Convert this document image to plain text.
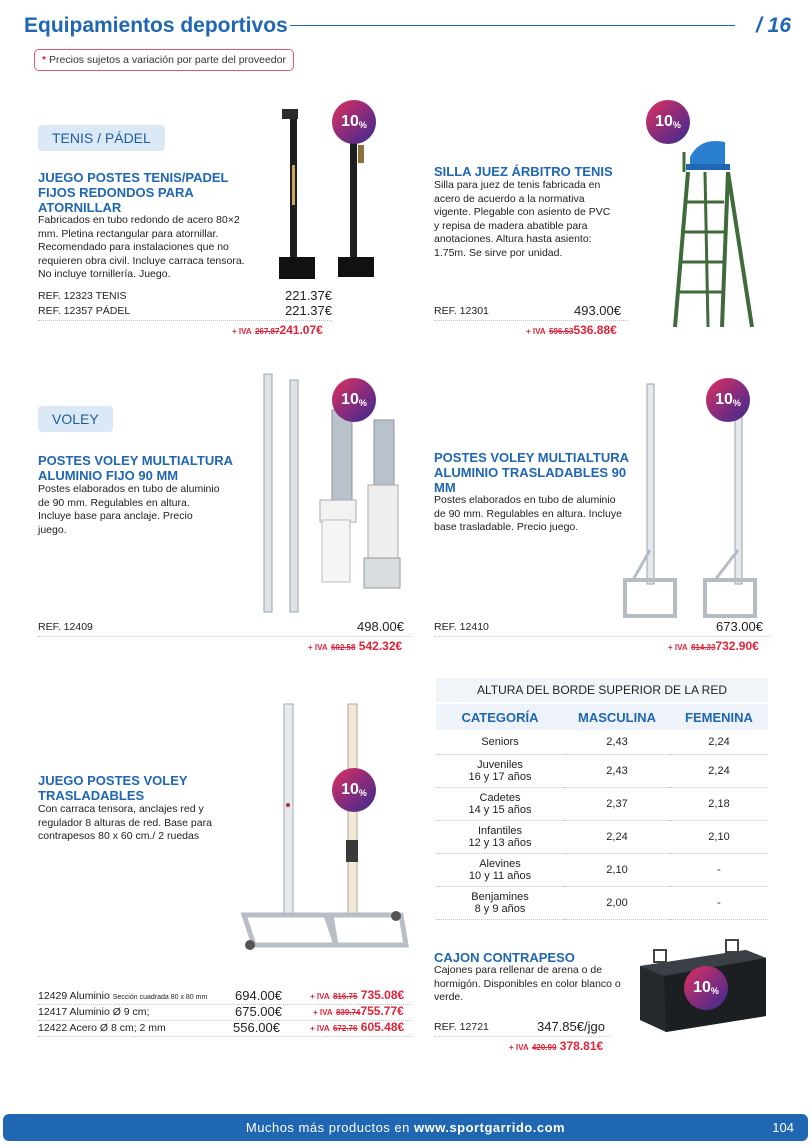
Equipamientos deportivos	/ 16
* Precios sujetos a variación por parte del proveedor
TENIS / PÁDEL
JUEGO POSTES TENIS/PADEL FIJOS REDONDOS PARA ATORNILLAR
Fabricados en tubo redondo de acero 80×2 mm. Pletina rectangular para atornillar. Recomendado para instalaciones que no requieren obra civil. Incluye carraca tensora. No incluye tornillería. Juego.
10 %
REF. 12323 TENIS	221.37€
REF. 12357 PÁDEL	221.37€
+ IVA 267.87241.07€
SILLA JUEZ ÁRBITRO TENIS
Silla para juez de tenis fabricada en acero de acuerdo a la normativa vigente. Plegable con asiento de PVC y repisa de madera abatible para anotaciones. Altura hasta asiento: 1.75m. Se sirve por unidad.
10 %
REF. 12301	493.00€
+ IVA 596.53536.88€
VOLEY
POSTES VOLEY MULTIALTURA ALUMINIO FIJO 90 MM
Postes elaborados en tubo de aluminio de 90 mm. Regulables en altura. Incluye base para anclaje. Precio juego.
10 %
REF. 12409	498.00€
+ IVA 602.58 542.32€
POSTES VOLEY MULTIALTURA ALUMINIO TRASLADABLES 90 MM
Postes elaborados en tubo de aluminio de 90 mm. Regulables en altura. Incluye base trasladable. Precio juego.
10 %
REF. 12410	673.00€
+ IVA 814.33732.90€
JUEGO POSTES VOLEY TRASLADABLES
Con carraca tensora, anclajes red y regulador 8 alturas de red. Base para contrapesos 80 x 60 cm./ 2 ruedas
10 %
12429 Aluminio Sección cuadrada 80 x 80 mm 694.00€	+ IVA 816.75 735.08€
12417 Aluminio Ø 9 cm;	675.00€	+ IVA 839.74755.77€
12422 Acero Ø 8 cm; 2 mm	556.00€	+ IVA 672.76 605.48€
ALTURA DEL BORDE SUPERIOR DE LA RED
CATEGORÍA	MASCULINA	FEMENINA

Seniors	2,43	2,24

Juveniles
16 y 17 años	2,43	2,24

Cadetes
14 y 15 años	2,37	2,18

Infantiles
12 y 13 años	2,24	2,10

Alevines
10 y 11 años	2,10	-

Benjamines
8 y 9 años	2,00	-
CAJON CONTRAPESO
Cajones para rellenar de arena o de hormigón. Disponibles en color blanco o verde.
10 %
REF. 12721	347.85€/jgo
+ IVA 420.90 378.81€
Muchos más productos en www.sportgarrido.com	104
